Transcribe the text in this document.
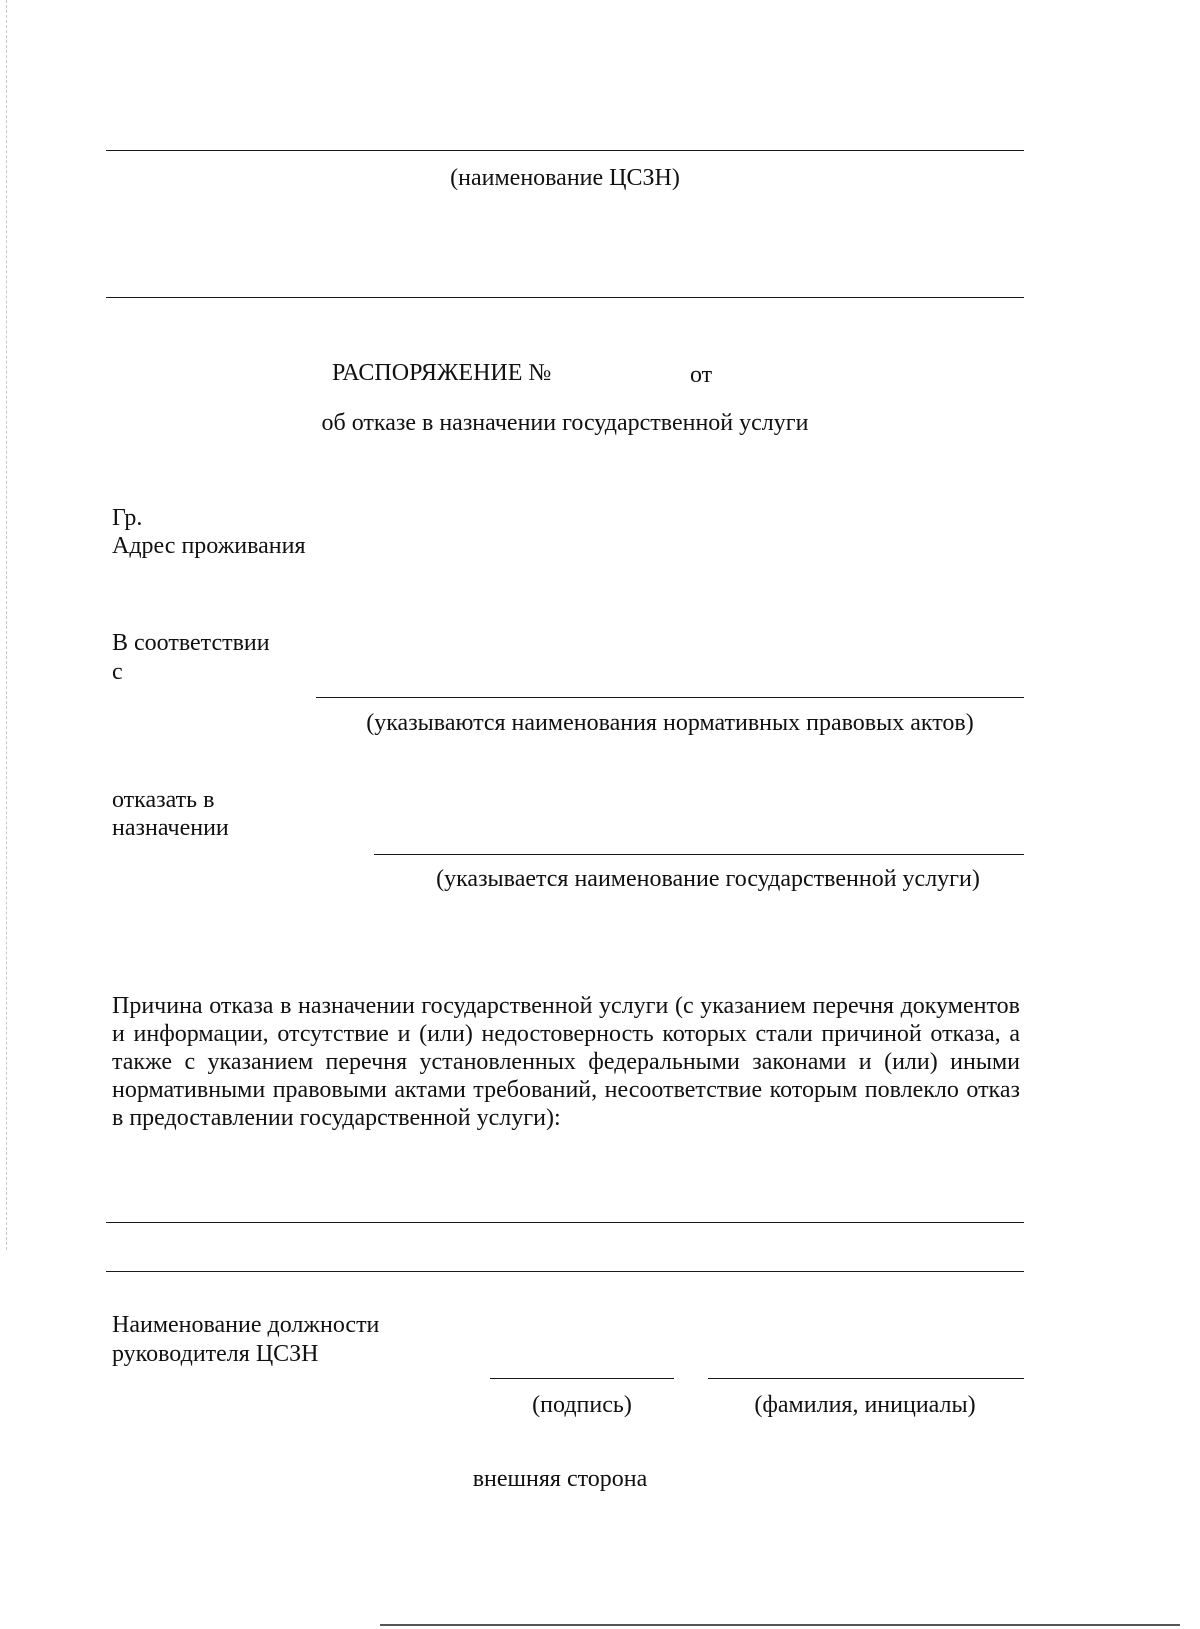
(наименование ЦСЗН)

РАСПОРЯЖЕНИЕ №	от

об отказе в назначении государственной услуги

Гр.

Адрес проживания

В соответствии

с

(указываются наименования нормативных правовых актов)

отказать в

назначении

(указывается наименование государственной услуги)

Причина отказа в назначении государственной услуги (с указанием перечня документов и информации, отсутствие и (или) недостоверность которых стали причиной отказа, а также с указанием перечня установленных федеральными законами и (или) иными нормативными правовыми актами требований, несоответствие которым повлекло отказ в предоставлении государственной услуги):

Наименование должности

руководителя ЦСЗН

(подпись)	(фамилия, инициалы)

внешняя сторона
